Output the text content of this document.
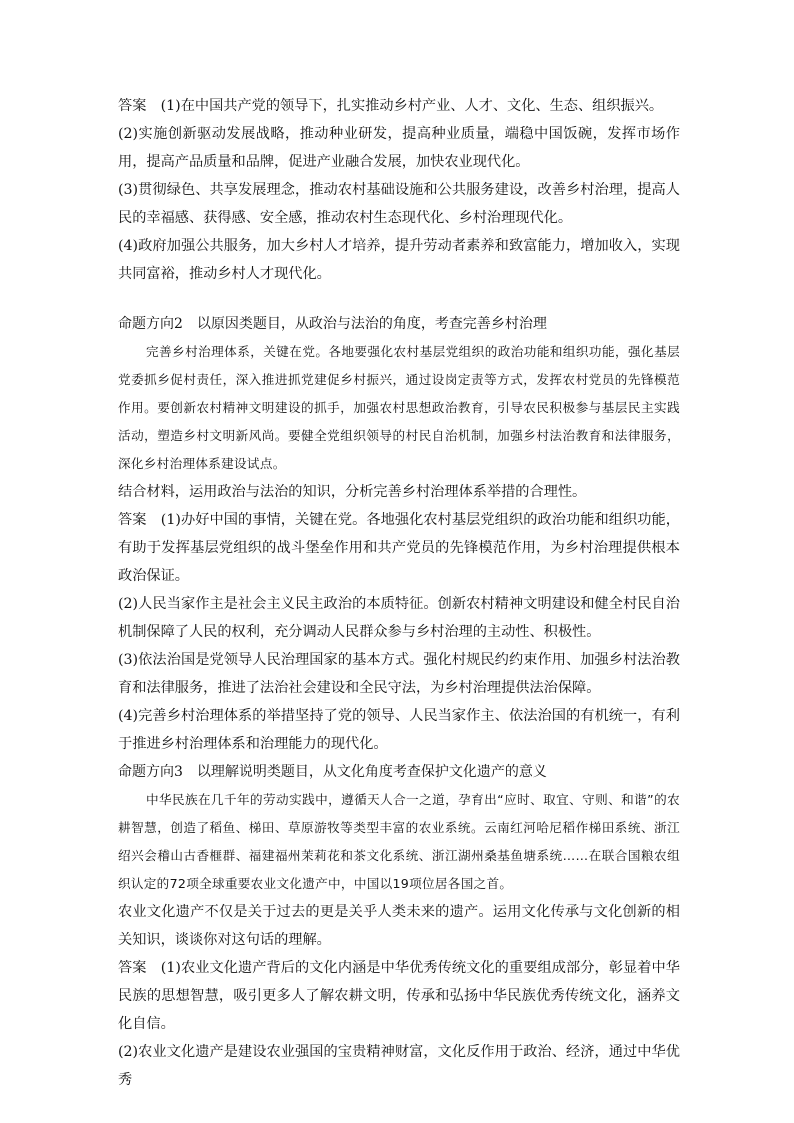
答案　 (1)在中国共产党的领导下，扎实推动乡村产业、人才、文化、生态、组织振兴。

(2)实施创新驱动发展战略，推动种业研发，提高种业质量，端稳中国饭碗，发挥市场作用，提高产品质量和品牌，促进产业融合发展，加快农业现代化。

(3)贯彻绿色、共享发展理念，推动农村基础设施和公共服务建设，改善乡村治理，提高人民的幸福感、获得感、安全感，推动农村生态现代化、乡村治理现代化。

(4)政府加强公共服务，加大乡村人才培养，提升劳动者素养和致富能力，增加收入，实现共同富裕，推动乡村人才现代化。

命题方向2　以原因类题目，从政治与法治的角度，考查完善乡村治理

完善乡村治理体系，关键在党。各地要强化农村基层党组织的政治功能和组织功能，强化基层党委抓乡促村责任，深入推进抓党建促乡村振兴，通过设岗定责等方式，发挥农村党员的先锋模范作用。要创新农村精神文明建设的抓手，加强农村思想政治教育，引导农民积极参与基层民主实践活动，塑造乡村文明新风尚。要健全党组织领导的村民自治机制，加强乡村法治教育和法律服务，深化乡村治理体系建设试点。

结合材料，运用政治与法治的知识，分析完善乡村治理体系举措的合理性。

答案　 (1)办好中国的事情，关键在党。各地强化农村基层党组织的政治功能和组织功能，有助于发挥基层党组织的战斗堡垒作用和共产党员的先锋模范作用，为乡村治理提供根本政治保证。

(2)人民当家作主是社会主义民主政治的本质特征。创新农村精神文明建设和健全村民自治机制保障了人民的权利，充分调动人民群众参与乡村治理的主动性、积极性。

(3)依法治国是党领导人民治理国家的基本方式。强化村规民约约束作用、加强乡村法治教育和法律服务，推进了法治社会建设和全民守法，为乡村治理提供法治保障。

(4)完善乡村治理体系的举措坚持了党的领导、人民当家作主、依法治国的有机统一，有利于推进乡村治理体系和治理能力的现代化。

命题方向3　以理解说明类题目，从文化角度考查保护文化遗产的意义

中华民族在几千年的劳动实践中，遵循天人合一之道，孕育出“应时、取宜、守则、和谐”的农耕智慧，创造了稻鱼、梯田、草原游牧等类型丰富的农业系统。云南红河哈尼稻作梯田系统、浙江绍兴会稽山古香榧群、福建福州茉莉花和茶文化系统、浙江湖州桑基鱼塘系统……在联合国粮农组织认定的72项全球重要农业文化遗产中，中国以19项位居各国之首。

农业文化遗产不仅是关于过去的更是关乎人类未来的遗产。运用文化传承与文化创新的相关知识，谈谈你对这句话的理解。

答案　 (1)农业文化遗产背后的文化内涵是中华优秀传统文化的重要组成部分，彰显着中华民族的思想智慧，吸引更多人了解农耕文明，传承和弘扬中华民族优秀传统文化，涵养文化自信。

(2)农业文化遗产是建设农业强国的宝贵精神财富，文化反作用于政治、经济，通过中华优秀
